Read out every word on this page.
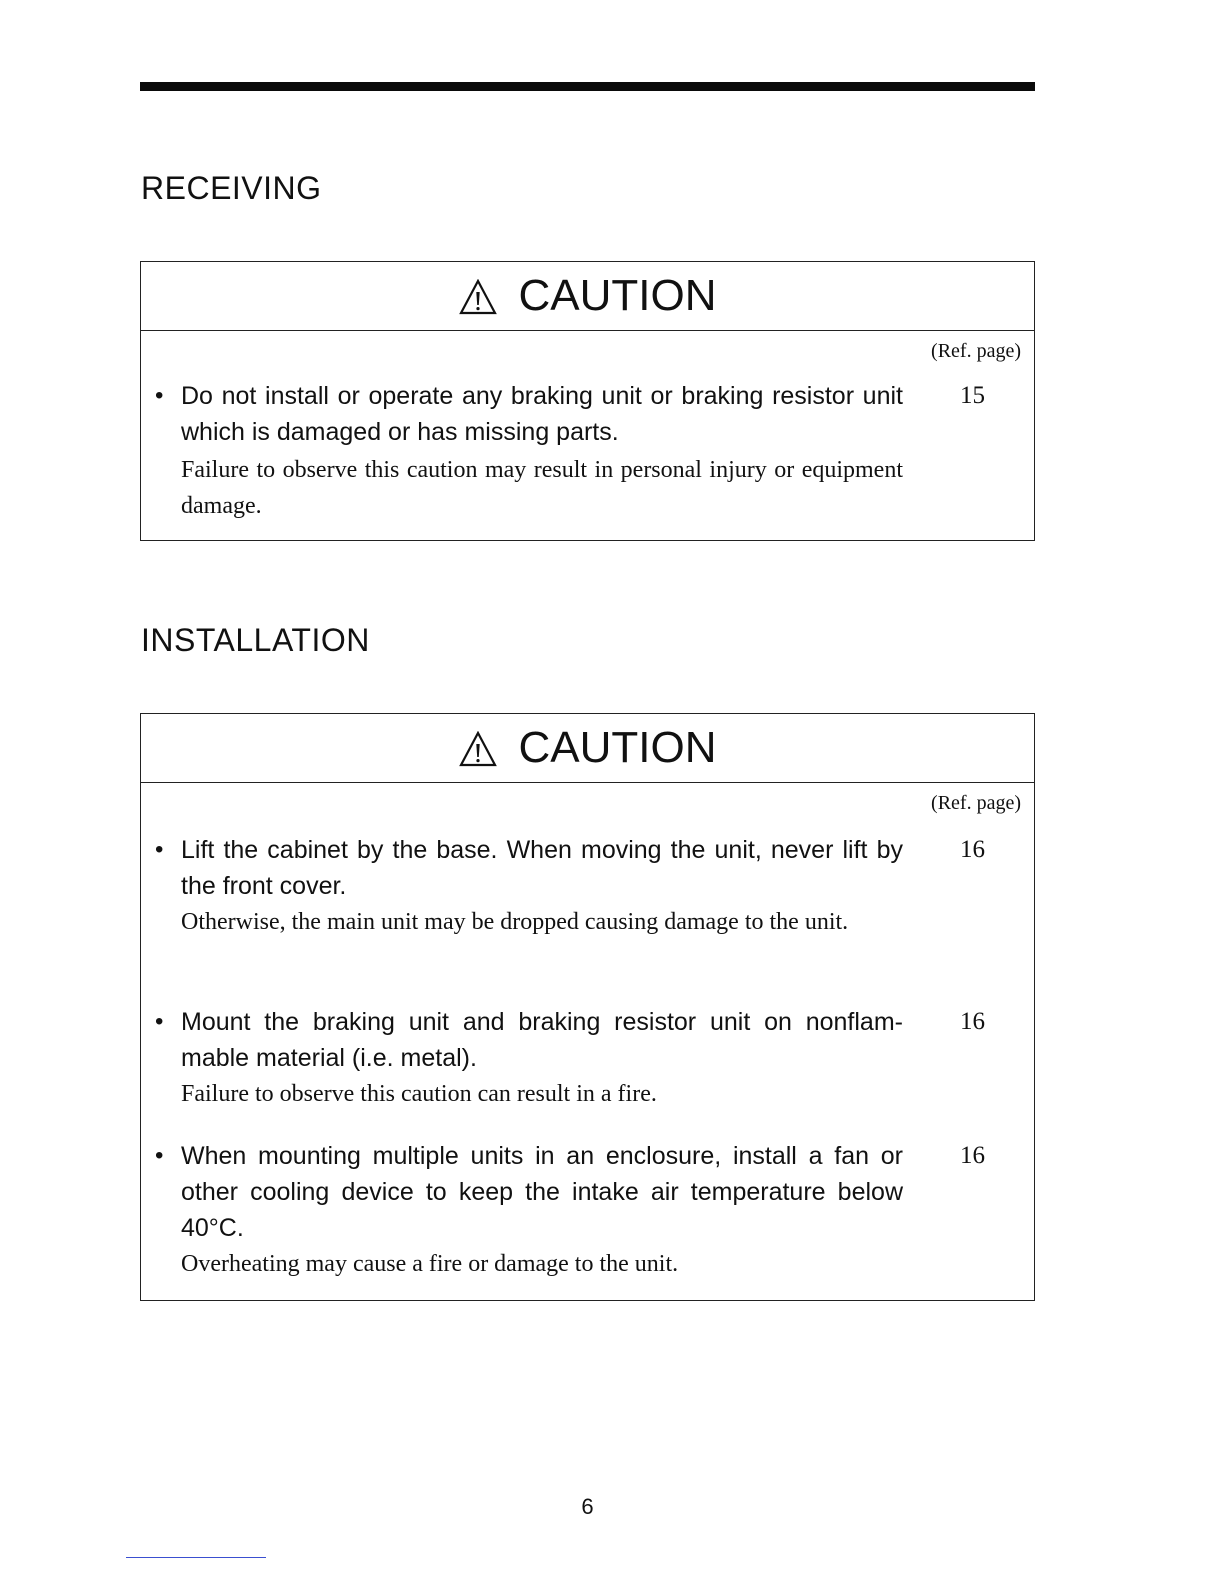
RECEIVING
CAUTION
(Ref. page)
• Do not install or operate any braking unit or braking resistor unit which is damaged or has missing parts.
Failure to observe this caution may result in personal injury or equipment damage.
15
INSTALLATION
CAUTION
(Ref. page)
• Lift the cabinet by the base. When moving the unit, never lift by the front cover.
Otherwise, the main unit may be dropped causing damage to the unit.
16
• Mount the braking unit and braking resistor unit on nonflam-mable material (i.e. metal).
Failure to observe this caution can result in a fire.
16
• When mounting multiple units in an enclosure, install a fan or other cooling device to keep the intake air temperature below 40°C.
Overheating may cause a fire or damage to the unit.
16
6
